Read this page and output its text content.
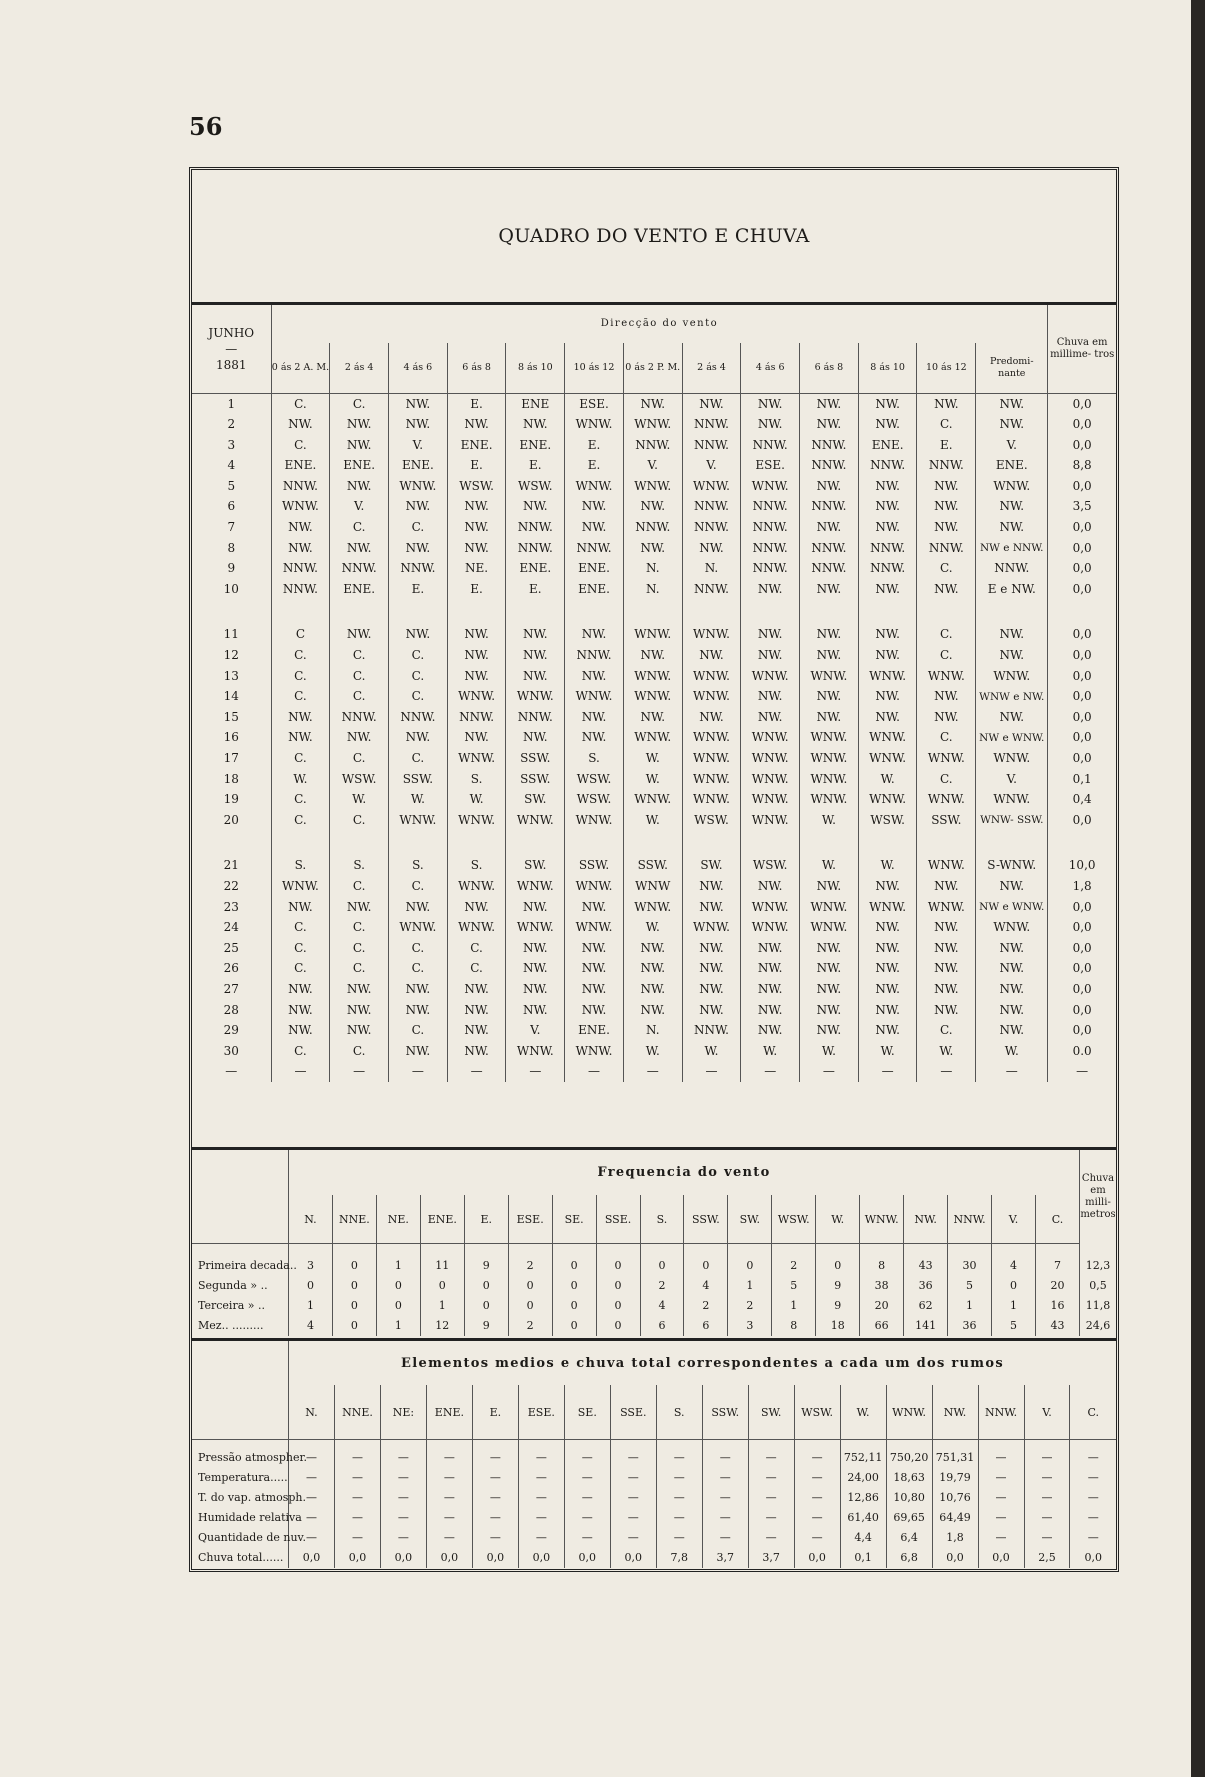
56
QUADRO DO VENTO E CHUVA
JUNHO
—
1881	Direcção do vento													Chuva em millime- tros
	0 ás 2 A. M.	2 ás 4	4 ás 6	6 ás 8	8 ás 10	10 ás 12	0 ás 2 P. M.	2 ás 4	4 ás 6	6 ás 8	8 ás 10	10 ás 12	Predomi- nante	
1	C.	C.	NW.	E.	ENE	ESE.	NW.	NW.	NW.	NW.	NW.	NW.	NW.	0,0
2	NW.	NW.	NW.	NW.	NW.	WNW.	WNW.	NNW.	NW.	NW.	NW.	C.	NW.	0,0
3	C.	NW.	V.	ENE.	ENE.	E.	NNW.	NNW.	NNW.	NNW.	ENE.	E.	V.	0,0
4	ENE.	ENE.	ENE.	E.	E.	E.	V.	V.	ESE.	NNW.	NNW.	NNW.	ENE.	8,8
5	NNW.	NW.	WNW.	WSW.	WSW.	WNW.	WNW.	WNW.	WNW.	NW.	NW.	NW.	WNW.	0,0
6	WNW.	V.	NW.	NW.	NW.	NW.	NW.	NNW.	NNW.	NNW.	NW.	NW.	NW.	3,5
7	NW.	C.	C.	NW.	NNW.	NW.	NNW.	NNW.	NNW.	NW.	NW.	NW.	NW.	0,0
8	NW.	NW.	NW.	NW.	NNW.	NNW.	NW.	NW.	NNW.	NNW.	NNW.	NNW.	NW e NNW.	0,0
9	NNW.	NNW.	NNW.	NE.	ENE.	ENE.	N.	N.	NNW.	NNW.	NNW.	C.	NNW.	0,0
10	NNW.	ENE.	E.	E.	E.	ENE.	N.	NNW.	NW.	NW.	NW.	NW.	E e NW.	0,0

11	C	NW.	NW.	NW.	NW.	NW.	WNW.	WNW.	NW.	NW.	NW.	C.	NW.	0,0
12	C.	C.	C.	NW.	NW.	NNW.	NW.	NW.	NW.	NW.	NW.	C.	NW.	0,0
13	C.	C.	C.	NW.	NW.	NW.	WNW.	WNW.	WNW.	WNW.	WNW.	WNW.	WNW.	0,0
14	C.	C.	C.	WNW.	WNW.	WNW.	WNW.	WNW.	NW.	NW.	NW.	NW.	WNW e NW.	0,0
15	NW.	NNW.	NNW.	NNW.	NNW.	NW.	NW.	NW.	NW.	NW.	NW.	NW.	NW.	0,0
16	NW.	NW.	NW.	NW.	NW.	NW.	WNW.	WNW.	WNW.	WNW.	WNW.	C.	NW e WNW.	0,0
17	C.	C.	C.	WNW.	SSW.	S.	W.	WNW.	WNW.	WNW.	WNW.	WNW.	WNW.	0,0
18	W.	WSW.	SSW.	S.	SSW.	WSW.	W.	WNW.	WNW.	WNW.	W.	C.	V.	0,1
19	C.	W.	W.	W.	SW.	WSW.	WNW.	WNW.	WNW.	WNW.	WNW.	WNW.	WNW.	0,4
20	C.	C.	WNW.	WNW.	WNW.	WNW.	W.	WSW.	WNW.	W.	WSW.	SSW.	WNW- SSW.	0,0

21	S.	S.	S.	S.	SW.	SSW.	SSW.	SW.	WSW.	W.	W.	WNW.	S-WNW.	10,0
22	WNW.	C.	C.	WNW.	WNW.	WNW.	WNW	NW.	NW.	NW.	NW.	NW.	NW.	1,8
23	NW.	NW.	NW.	NW.	NW.	NW.	WNW.	NW.	WNW.	WNW.	WNW.	WNW.	NW e WNW.	0,0
24	C.	C.	WNW.	WNW.	WNW.	WNW.	W.	WNW.	WNW.	WNW.	NW.	NW.	WNW.	0,0
25	C.	C.	C.	C.	NW.	NW.	NW.	NW.	NW.	NW.	NW.	NW.	NW.	0,0
26	C.	C.	C.	C.	NW.	NW.	NW.	NW.	NW.	NW.	NW.	NW.	NW.	0,0
27	NW.	NW.	NW.	NW.	NW.	NW.	NW.	NW.	NW.	NW.	NW.	NW.	NW.	0,0
28	NW.	NW.	NW.	NW.	NW.	NW.	NW.	NW.	NW.	NW.	NW.	NW.	NW.	0,0
29	NW.	NW.	C.	NW.	V.	ENE.	N.	NNW.	NW.	NW.	NW.	C.	NW.	0,0
30	C.	C.	NW.	NW.	WNW.	WNW.	W.	W.	W.	W.	W.	W.	W.	0.0
—	—	—	—	—	—	—	—	—	—	—	—	—	—	—
	Frequencia do vento																		Chuva em milli- metros
	N.	NNE.	NE.	ENE.	E.	ESE.	SE.	SSE.	S.	SSW.	SW.	WSW.	W.	WNW.	NW.	NNW.	V.	C.	

Primeira decada..	3	0	1	11	9	2	0	0	0	0	0	2	0	8	43	30	4	7	12,3
Segunda » ..	0	0	0	0	0	0	0	0	2	4	1	5	9	38	36	5	0	20	0,5
Terceira » ..	1	0	0	1	0	0	0	0	4	2	2	1	9	20	62	1	1	16	11,8
Mez.. .........	4	0	1	12	9	2	0	0	6	6	3	8	18	66	141	36	5	43	24,6
	Elementos medios e chuva total correspondentes a cada um dos rumos																	
	N.	NNE.	NE:	ENE.	E.	ESE.	SE.	SSE.	S.	SSW.	SW.	WSW.	W.	WNW.	NW.	NNW.	V.	C.

Pressão atmospher.	—	—	—	—	—	—	—	—	—	—	—	—	752,11	750,20	751,31	—	—	—
Temperatura.....	—	—	—	—	—	—	—	—	—	—	—	—	24,00	18,63	19,79	—	—	—
T. do vap. atmosph.	—	—	—	—	—	—	—	—	—	—	—	—	12,86	10,80	10,76	—	—	—
Humidade relativa	—	—	—	—	—	—	—	—	—	—	—	—	61,40	69,65	64,49	—	—	—
Quantidade de nuv.	—	—	—	—	—	—	—	—	—	—	—	—	4,4	6,4	1,8	—	—	—
Chuva total......	0,0	0,0	0,0	0,0	0,0	0,0	0,0	0,0	7,8	3,7	3,7	0,0	0,1	6,8	0,0	0,0	2,5	0,0
